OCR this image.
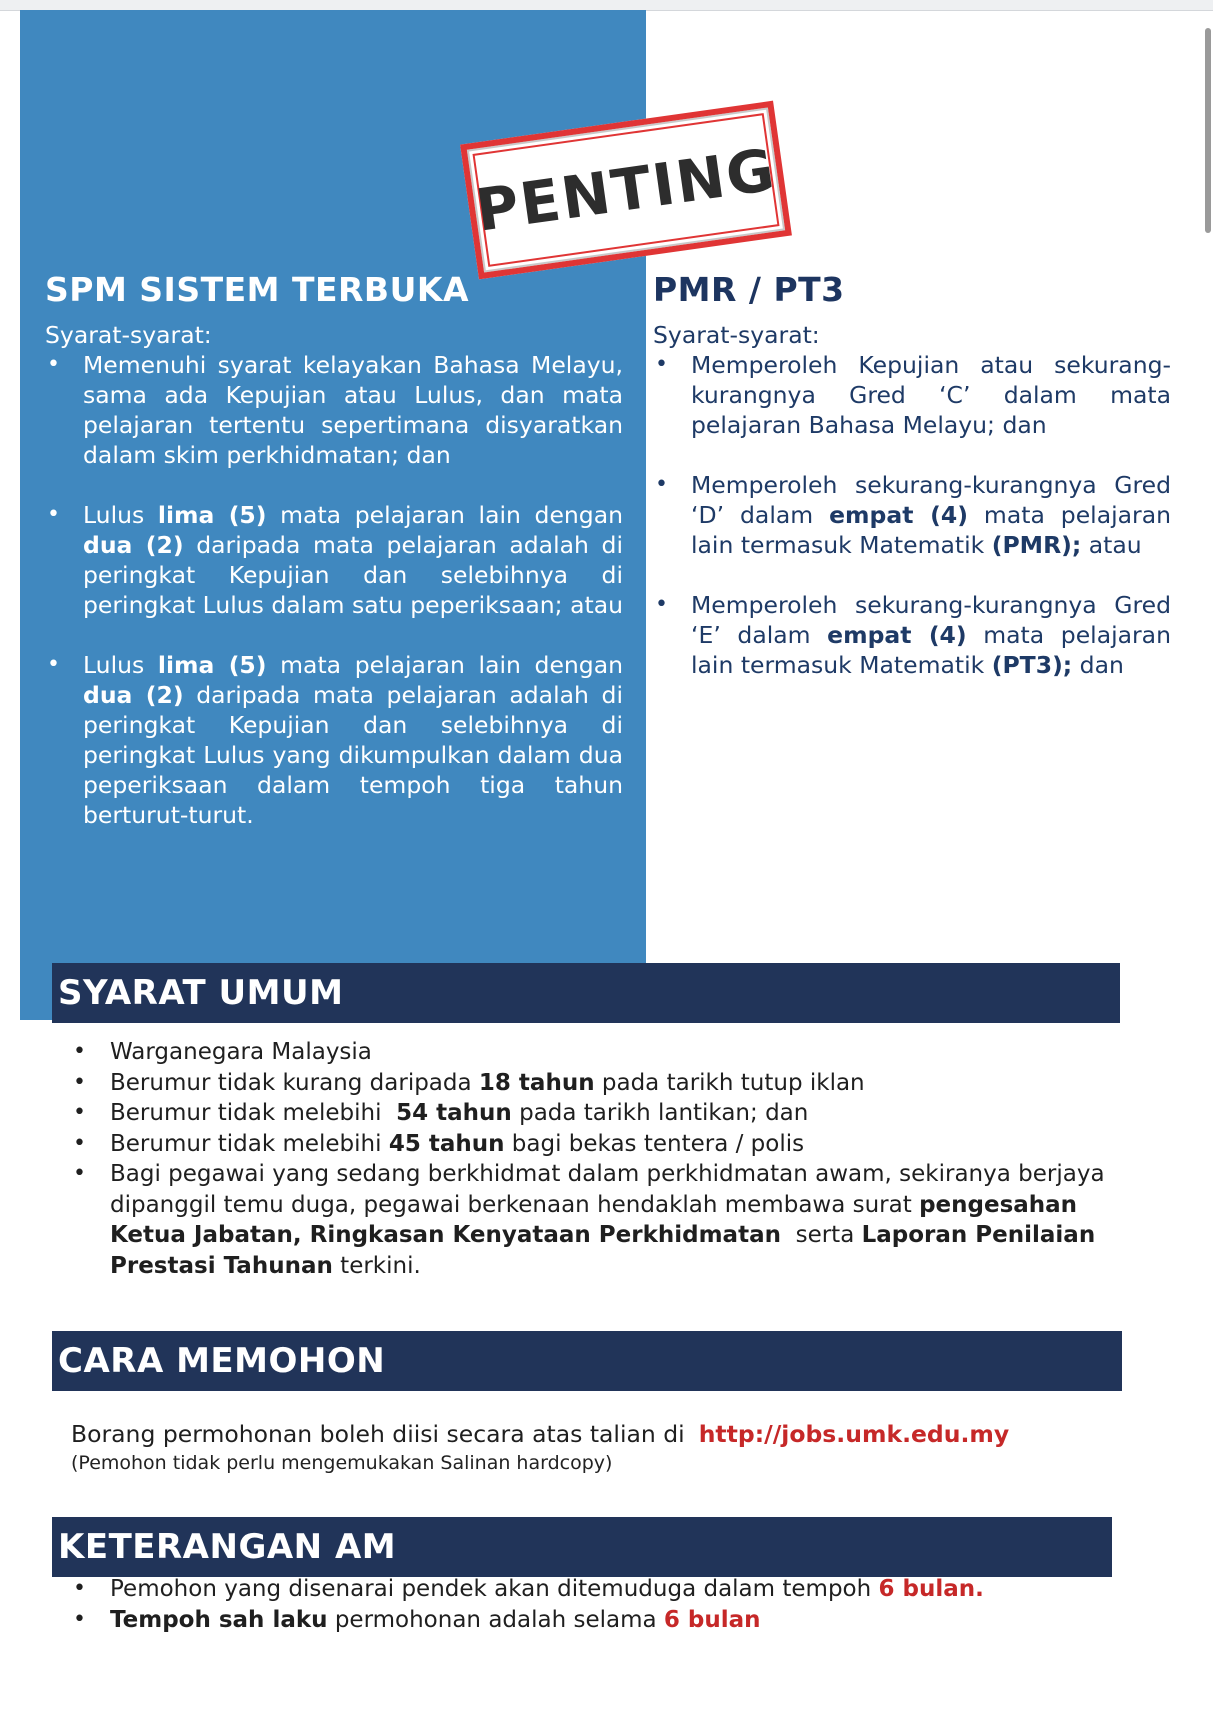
SPM SISTEM TERBUKA

Syarat-syarat:

• Memenuhi syarat kelayakan Bahasa Melayu, sama ada Kepujian atau Lulus, dan mata pelajaran tertentu sepertimana disyaratkan dalam skim perkhidmatan; dan
• Lulus lima (5) mata pelajaran lain dengan dua (2) daripada mata pelajaran adalah di peringkat Kepujian dan selebihnya di peringkat Lulus dalam satu peperiksaan; atau
• Lulus lima (5) mata pelajaran lain dengan dua (2) daripada mata pelajaran adalah di peringkat Kepujian dan selebihnya di peringkat Lulus yang dikumpulkan dalam dua peperiksaan dalam tempoh tiga tahun berturut-turut.
PMR / PT3

Syarat-syarat:

• Memperoleh Kepujian atau sekurang-kurangnya Gred ‘C’ dalam mata pelajaran Bahasa Melayu; dan
• Memperoleh sekurang-kurangnya Gred ‘D’ dalam empat (4) mata pelajaran lain termasuk Matematik (PMR); atau
• Memperoleh sekurang-kurangnya Gred ‘E’ dalam empat (4) mata pelajaran lain termasuk Matematik (PT3); dan
PENTING
SYARAT UMUM
• Warganegara Malaysia
• Berumur tidak kurang daripada 18 tahun pada tarikh tutup iklan
• Berumur tidak melebihi  54 tahun pada tarikh lantikan; dan
• Berumur tidak melebihi 45 tahun bagi bekas tentera / polis
• Bagi pegawai yang sedang berkhidmat dalam perkhidmatan awam, sekiranya berjaya dipanggil temu duga, pegawai berkenaan hendaklah membawa surat pengesahan Ketua Jabatan, Ringkasan Kenyataan Perkhidmatan  serta Laporan Penilaian Prestasi Tahunan terkini.
CARA MEMOHON
Borang permohonan boleh diisi secara atas talian di http://jobs.umk.edu.my
(Pemohon tidak perlu mengemukakan Salinan hardcopy)
KETERANGAN AM
• Pemohon yang disenarai pendek akan ditemuduga dalam tempoh 6 bulan.
• Tempoh sah laku permohonan adalah selama 6 bulan
